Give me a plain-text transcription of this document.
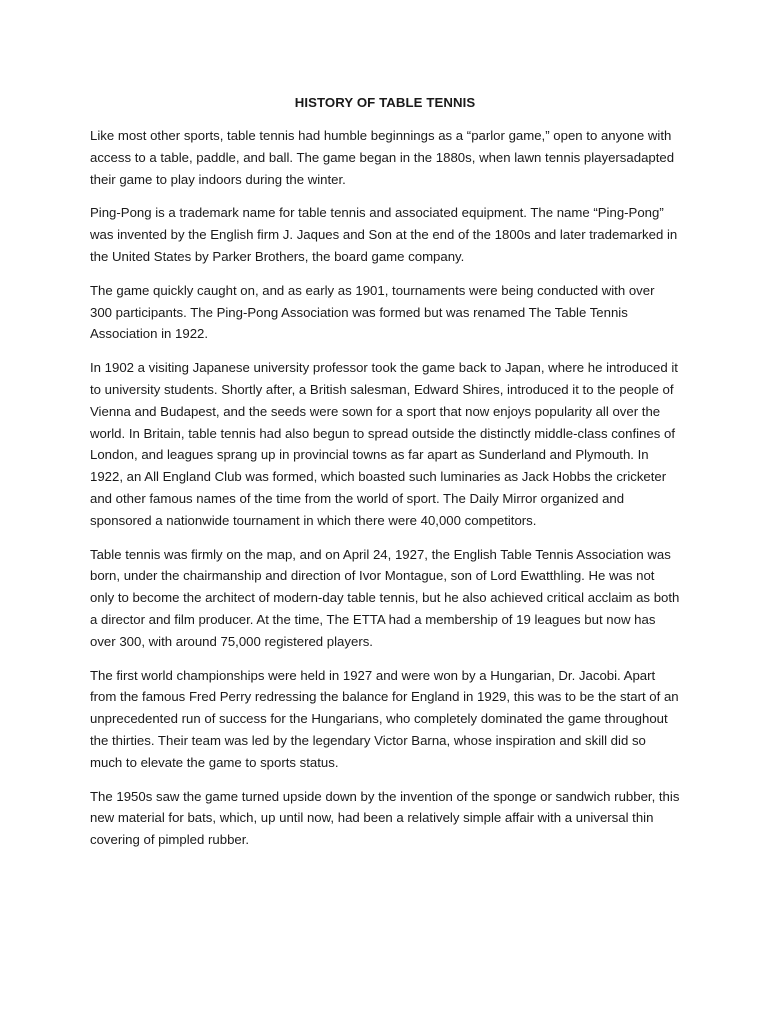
HISTORY OF TABLE TENNIS

Like most other sports, table tennis had humble beginnings as a “parlor game,” open to anyone with access to a table, paddle, and ball. The game began in the 1880s, when lawn tennis playersadapted their game to play indoors during the winter.

Ping-Pong is a trademark name for table tennis and associated equipment. The name “Ping-Pong” was invented by the English firm J. Jaques and Son at the end of the 1800s and later trademarked in the United States by Parker Brothers, the board game company.

The game quickly caught on, and as early as 1901, tournaments were being conducted with over 300 participants. The Ping-Pong Association was formed but was renamed The Table Tennis Association in 1922.

In 1902 a visiting Japanese university professor took the game back to Japan, where he introduced it to university students. Shortly after, a British salesman, Edward Shires, introduced it to the people of Vienna and Budapest, and the seeds were sown for a sport that now enjoys popularity all over the world. In Britain, table tennis had also begun to spread outside the distinctly middle-class confines of London, and leagues sprang up in provincial towns as far apart as Sunderland and Plymouth. In 1922, an All England Club was formed, which boasted such luminaries as Jack Hobbs the cricketer and other famous names of the time from the world of sport. The Daily Mirror organized and sponsored a nationwide tournament in which there were 40,000 competitors.

Table tennis was firmly on the map, and on April 24, 1927, the English Table Tennis Association was born, under the chairmanship and direction of Ivor Montague, son of Lord Ewatthling. He was not only to become the architect of modern-day table tennis, but he also achieved critical acclaim as both a director and film producer. At the time, The ETTA had a membership of 19 leagues but now has over 300, with around 75,000 registered players.

The first world championships were held in 1927 and were won by a Hungarian, Dr. Jacobi. Apart from the famous Fred Perry redressing the balance for England in 1929, this was to be the start of an unprecedented run of success for the Hungarians, who completely dominated the game throughout the thirties. Their team was led by the legendary Victor Barna, whose inspiration and skill did so much to elevate the game to sports status.

The 1950s saw the game turned upside down by the invention of the sponge or sandwich rubber, this new material for bats, which, up until now, had been a relatively simple affair with a universal thin covering of pimpled rubber.
